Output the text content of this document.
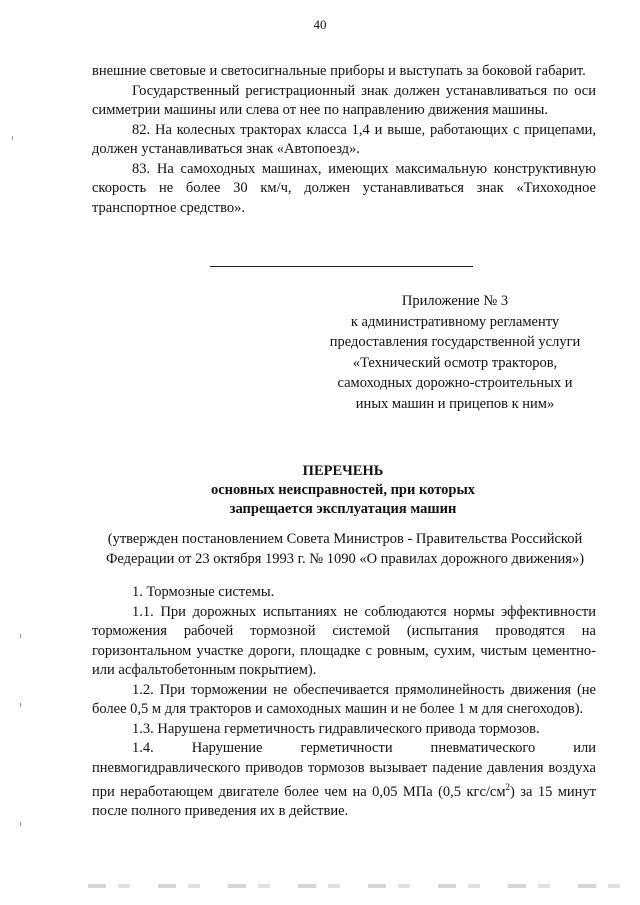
40

внешние световые и светосигнальные приборы и выступать за боковой габарит.

Государственный регистрационный знак должен устанавливаться по оси симметрии машины или слева от нее по направлению движения машины.

82. На колесных тракторах класса 1,4 и выше, работающих с прицепами, должен устанавливаться знак «Автопоезд».

83. На самоходных машинах, имеющих максимальную конструктивную скорость не более 30 км/ч, должен устанавливаться знак «Тихоходное транспортное средство».

Приложение № 3
к административному регламенту
предоставления государственной услуги
«Технический осмотр тракторов,
самоходных дорожно-строительных и
иных машин и прицепов к ним»
ПЕРЕЧЕНЬ
основных неисправностей, при которых
запрещается эксплуатация машин
(утвержден постановлением Совета Министров - Правительства Российской
Федерации от 23 октября 1993 г. № 1090 «О правилах дорожного движения»)

1. Тормозные системы.

1.1. При дорожных испытаниях не соблюдаются нормы эффективности торможения рабочей тормозной системой (испытания проводятся на горизонтальном участке дороги, площадке с ровным, сухим, чистым цементно- или асфальтобетонным покрытием).

1.2. При торможении не обеспечивается прямолинейность движения (не более 0,5 м для тракторов и самоходных машин и не более 1 м для снегоходов).

1.3. Нарушена герметичность гидравлического привода тормозов.

1.4. Нарушение герметичности пневматического или пневмогидравлического приводов тормозов вызывает падение давления воздуха при неработающем двигателе более чем на 0,05 МПа (0,5 кгс/$см^2$) за 15 минут после полного приведения их в действие.
